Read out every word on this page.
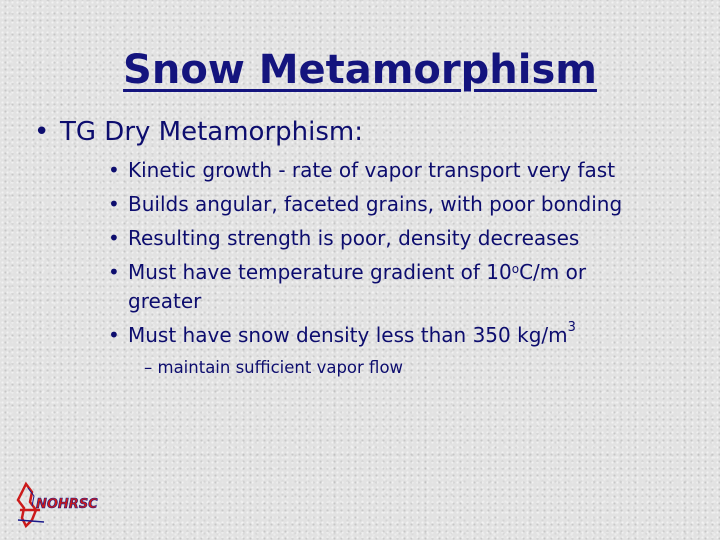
Snow Metamorphism
• TG Dry Metamorphism:
• Kinetic growth - rate of vapor transport very fast
• Builds angular, faceted grains, with poor bonding
• Resulting strength is poor, density decreases
• Must have temperature gradient of 10$^o$C/m or
greater
• Must have snow density less than 350 $kg/m^3$
– maintain sufficient vapor flow
NOHRSC
